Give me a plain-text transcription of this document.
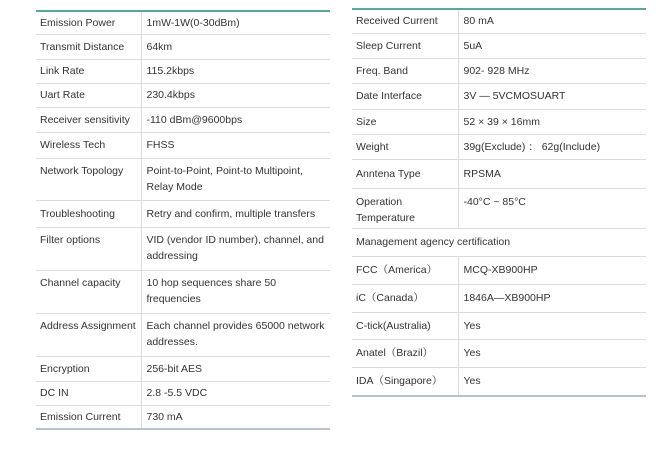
Emission Power	1mW-1W(0-30dBm)
Transmit Distance	64km
Link Rate	115.2kbps
Uart Rate	230.4kbps
Receiver sensitivity	-110 dBm@9600bps
Wireless Tech	FHSS
Network Topology	Point-to-Point, Point-to Multipoint, Relay Mode
Troubleshooting	Retry and confirm, multiple transfers
Filter options	VID (vendor ID number), channel, and addressing
Channel capacity	10 hop sequences share 50 frequencies
Address Assignment	Each channel provides 65000 network addresses.
Encryption	256-bit AES
DC IN	2.8 -5.5 VDC
Emission Current	730 mA
Received Current	80 mA
Sleep Current	5uA
Freq. Band	902- 928 MHz
Date Interface	3V — 5VCMOSUART
Size	52 × 39 × 16mm
Weight	39g(Exclude) ： 62g(Include)
Anntena Type	RPSMA
Operation Temperature	-40°C ~ 85°C
Management agency certification	
FCC（America）	MCQ-XB900HP
iC（Canada）	1846A—XB900HP
C-tick(Australia)	Yes
Anatel（Brazil）	Yes
IDA（Singapore）	Yes
